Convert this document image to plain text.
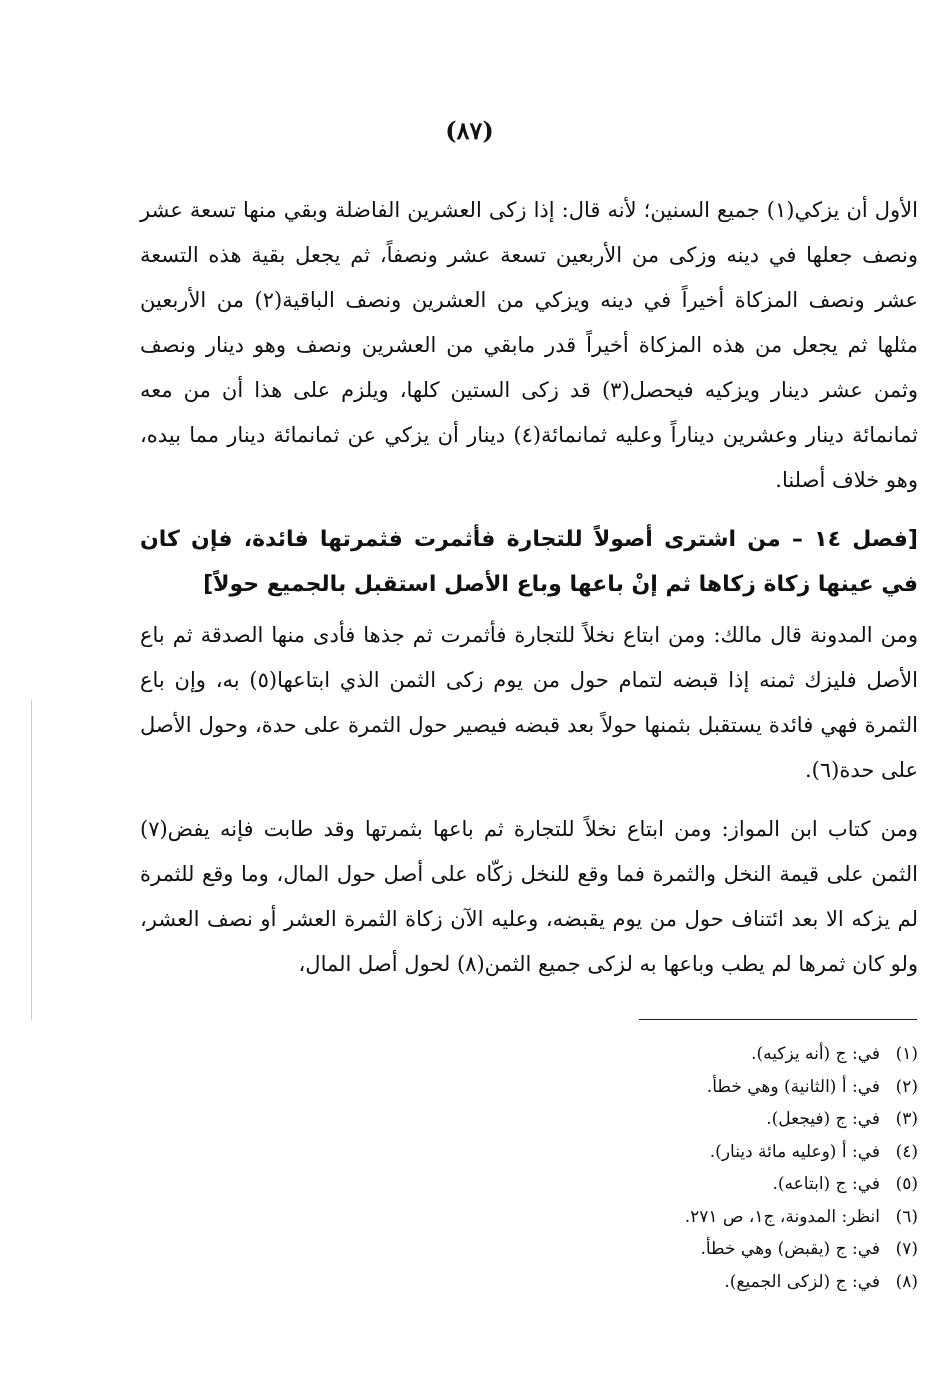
(٨٧)

الأول أن يزكي(١) جميع السنين؛ لأنه قال: إذا زكى العشرين الفاضلة وبقي منها تسعة عشر ونصف جعلها في دينه وزكى من الأربعين تسعة عشر ونصفاً، ثم يجعل بقية هذه التسعة عشر ونصف المزكاة أخيراً في دينه ويزكي من العشرين ونصف الباقية(٢) من الأربعين مثلها ثم يجعل من هذه المزكاة أخيراً قدر مابقي من العشرين ونصف وهو دينار ونصف وثمن عشر دينار ويزكيه فيحصل(٣) قد زكى الستين كلها، ويلزم على هذا أن من معه ثمانمائة دينار وعشرين ديناراً وعليه ثمانمائة(٤) دينار أن يزكي عن ثمانمائة دينار مما بيده، وهو خلاف أصلنا.

[فصل ١٤ – من اشترى أصولاً للتجارة فأثمرت فثمرتها فائدة، فإن كان في عينها زكاة زكاها ثم إنْ باعها وباع الأصل استقبل بالجميع حولاً]

ومن المدونة قال مالك: ومن ابتاع نخلاً للتجارة فأثمرت ثم جذها فأدى منها الصدقة ثم باع الأصل فليزك ثمنه إذا قبضه لتمام حول من يوم زكى الثمن الذي ابتاعها(٥) به، وإن باع الثمرة فهي فائدة يستقبل بثمنها حولاً بعد قبضه فيصير حول الثمرة على حدة، وحول الأصل على حدة(٦).

ومن كتاب ابن المواز: ومن ابتاع نخلاً للتجارة ثم باعها بثمرتها وقد طابت فإنه يفض(٧) الثمن على قيمة النخل والثمرة فما وقع للنخل زكّاه على أصل حول المال، وما وقع للثمرة لم يزكه الا بعد ائتناف حول من يوم يقبضه، وعليه الآن زكاة الثمرة العشر أو نصف العشر، ولو كان ثمرها لم يطب وباعها به لزكى جميع الثمن(٨) لحول أصل المال،

(١)
في: ج (أنه يزكيه).
(٢)
في: أ (الثانية) وهي خطأ.
(٣)
في: ج (فيجعل).
(٤)
في: أ (وعليه مائة دينار).
(٥)
في: ج (ابتاعه).
(٦)
انظر: المدونة، ج١، ص ٢٧١.
(٧)
في: ج (يقبض) وهي خطأ.
(٨)
في: ج (لزكى الجميع).
